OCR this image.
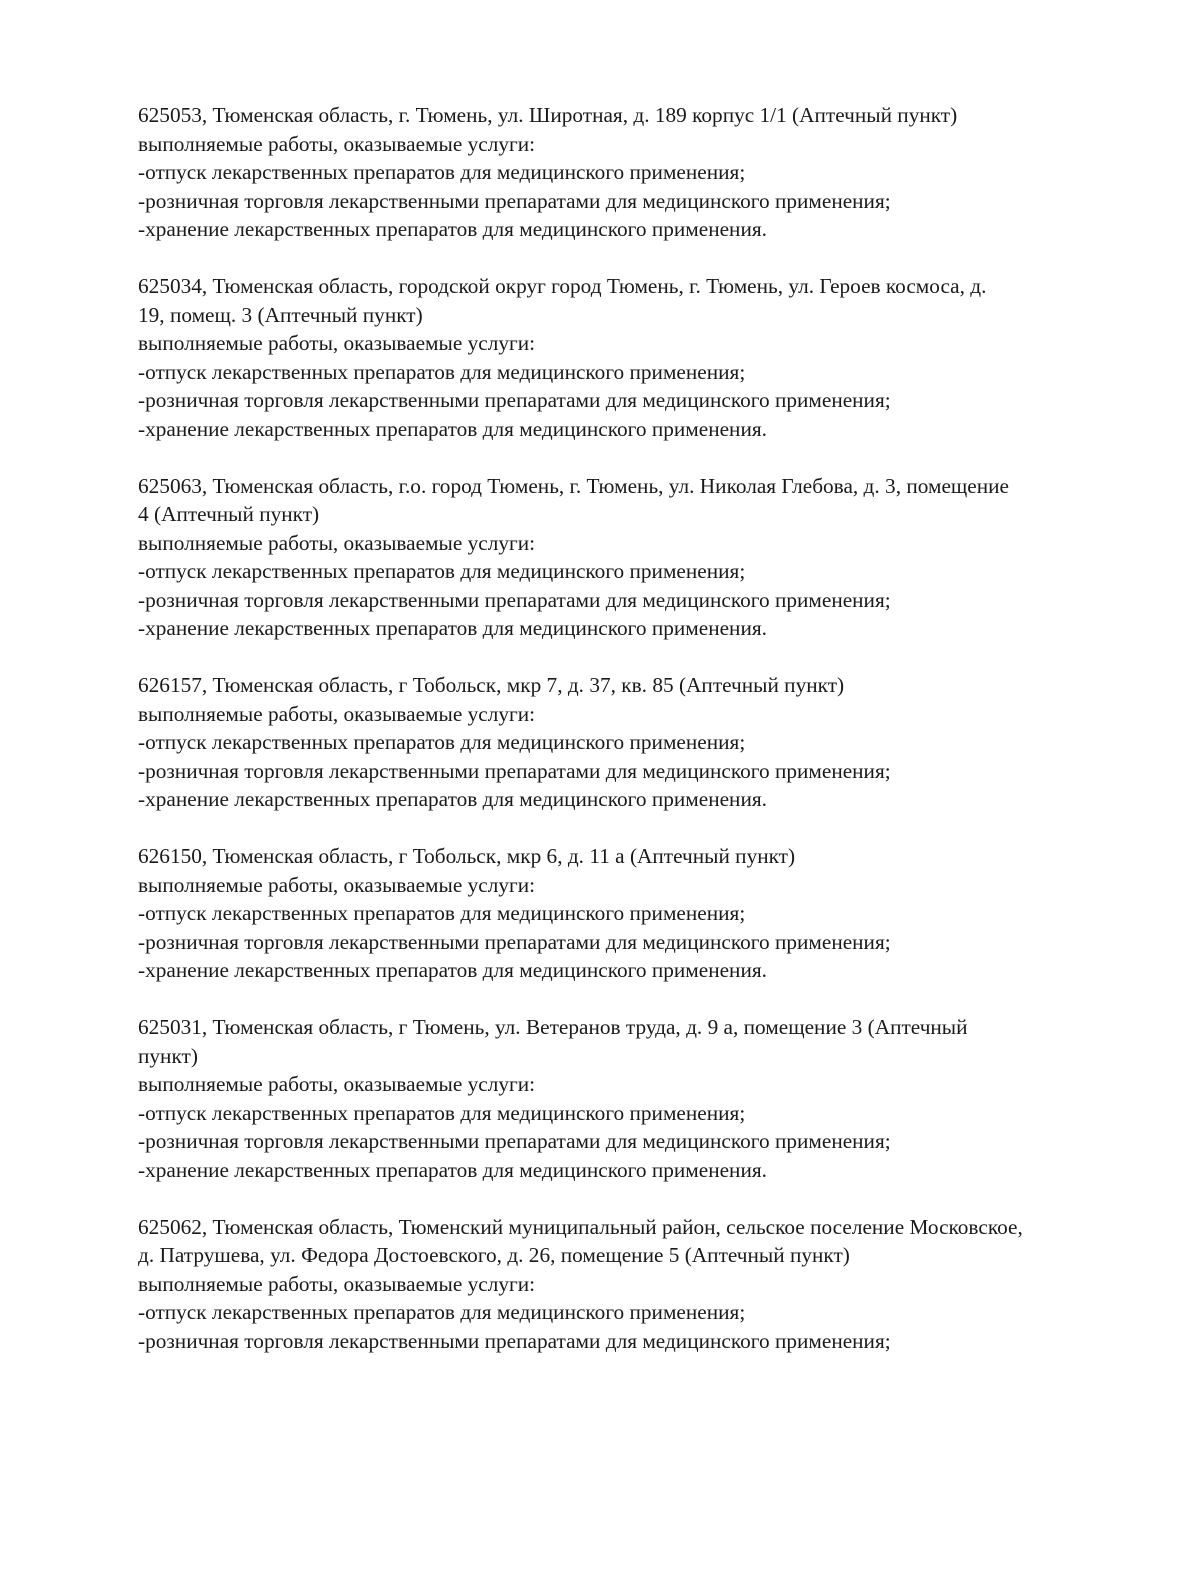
625053, Тюменская область, г. Тюмень, ул. Широтная, д. 189 корпус 1/1 (Аптечный пункт)
выполняемые работы, оказываемые услуги:
-отпуск лекарственных препаратов для медицинского применения;
-розничная торговля лекарственными препаратами для медицинского применения;
-хранение лекарственных препаратов для медицинского применения.
625034, Тюменская область, городской округ город Тюмень, г. Тюмень, ул. Героев космоса, д.
19, помещ. 3 (Аптечный пункт)
выполняемые работы, оказываемые услуги:
-отпуск лекарственных препаратов для медицинского применения;
-розничная торговля лекарственными препаратами для медицинского применения;
-хранение лекарственных препаратов для медицинского применения.
625063, Тюменская область, г.о. город Тюмень, г. Тюмень, ул. Николая Глебова, д. 3, помещение
4 (Аптечный пункт)
выполняемые работы, оказываемые услуги:
-отпуск лекарственных препаратов для медицинского применения;
-розничная торговля лекарственными препаратами для медицинского применения;
-хранение лекарственных препаратов для медицинского применения.
626157, Тюменская область, г Тобольск, мкр 7, д. 37, кв. 85 (Аптечный пункт)
выполняемые работы, оказываемые услуги:
-отпуск лекарственных препаратов для медицинского применения;
-розничная торговля лекарственными препаратами для медицинского применения;
-хранение лекарственных препаратов для медицинского применения.
626150, Тюменская область, г Тобольск, мкр 6, д. 11 а (Аптечный пункт)
выполняемые работы, оказываемые услуги:
-отпуск лекарственных препаратов для медицинского применения;
-розничная торговля лекарственными препаратами для медицинского применения;
-хранение лекарственных препаратов для медицинского применения.
625031, Тюменская область, г Тюмень, ул. Ветеранов труда, д. 9 а, помещение 3 (Аптечный
пункт)
выполняемые работы, оказываемые услуги:
-отпуск лекарственных препаратов для медицинского применения;
-розничная торговля лекарственными препаратами для медицинского применения;
-хранение лекарственных препаратов для медицинского применения.
625062, Тюменская область, Тюменский муниципальный район, сельское поселение Московское,
д. Патрушева, ул. Федора Достоевского, д. 26, помещение 5 (Аптечный пункт)
выполняемые работы, оказываемые услуги:
-отпуск лекарственных препаратов для медицинского применения;
-розничная торговля лекарственными препаратами для медицинского применения;
